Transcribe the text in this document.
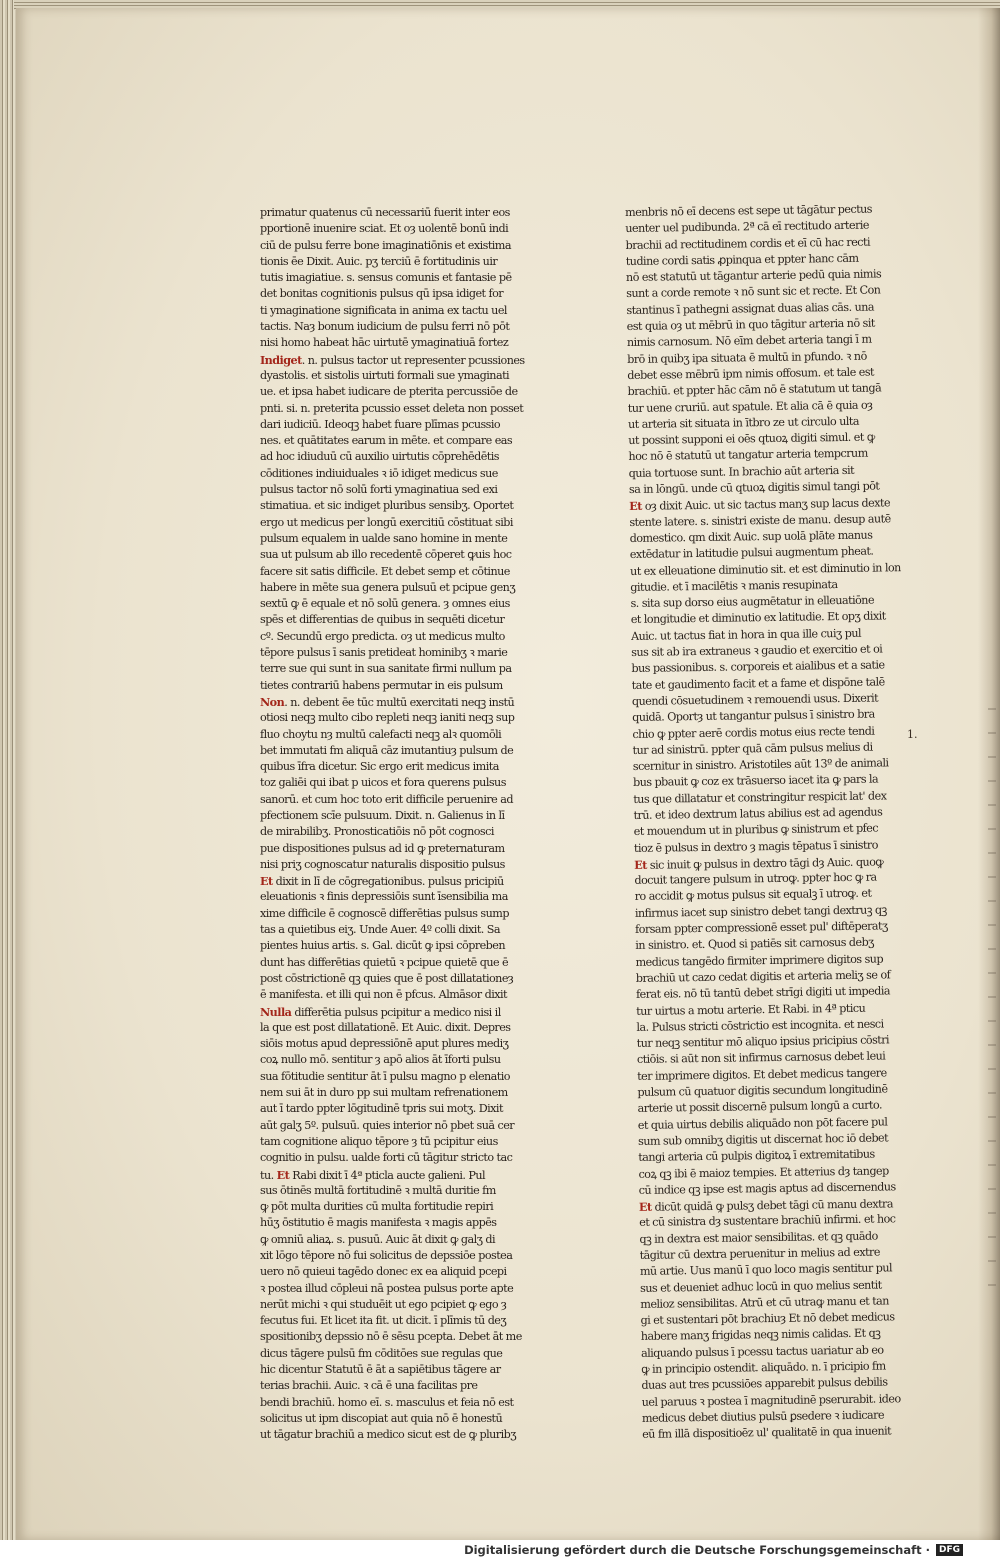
primatur quatenus cū necessariū fuerit inter eos
pportionē inuenire sciat. Et oȝ uolentē bonū indi
ciū de pulsu ferre bone imaginatiōnis et existima
tionis ēe Dixit. Auic. pʒ terciū ē fortitudinis uir
tutis imagiatiue. s. sensus comunis et fantasie pē
det bonitas cognitionis pulsus qū ipsa idiget for
ti ymaginatione significata in anima ex tactu uel
tactis. Naȝ bonum iudicium de pulsu ferri nō pōt
nisi homo habeat hāc uirtutē ymaginatiuā fortez
Indiget. n. pulsus tactor ut representer pcussiones
dyastolis. et sistolis uirtuti formali sue ymaginati
ue. et ipsa habet iudicare de pterita percussiōe de
pnti. si. n. preterita pcussio esset deleta non posset
dari iudiciū. Ideoqꝫ habet fuare plīmas pcussio
nes. et quātitates earum in mēte. et compare eas
ad hoc idiuduū cū auxilio uirtutis cōprehēdētis
cōditiones indiuiduales ꝛ iō idiget medicus sue
pulsus tactor nō solū forti ymaginatiua sed exi
stimatiua. et sic indiget pluribus sensibʒ. Oportet
ergo ut medicus per longū exercitiū cōstituat sibi
pulsum equalem in ualde sano homine in mente
sua ut pulsum ab illo recedentē cōperet ꝙuis hoc
facere sit satis difficile. Et debet semp et cōtinue
habere in mēte sua genera pulsuū et pcipue genʒ
sextū ꝙ ē equale et nō solū genera. ȝ omnes eius
spēs et differentias de quibus in sequēti dicetur
cº. Secundū ergo predicta. oȝ ut medicus multo
tēpore pulsus ī sanis pretideat hominibʒ ꝛ marie
terre sue qui sunt in sua sanitate firmi nullum pa
tietes contrariū habens permutar in eis pulsum
Non. n. debent ēe tūc multū exercitati neqꝫ instū
otiosi neqꝫ multo cibo repleti neqꝫ ianiti neqꝫ sup
fluo choytu nȝ multū calefacti neqꝫ alꝛ quomōli
bet immutati fm aliquā cāz imutantiuȝ pulsum de
quibus īfra dicetur. Sic ergo erit medicus imita
toz galiēi qui ibat p uicos et fora querens pulsus
sanorū. et cum hoc toto erit difficile peruenire ad
pfectionem scīe pulsuum. Dixit. n. Galienus in lī
de mirabilibʒ. Pronosticatiōis nō pōt cognosci
pue dispositiones pulsus ad id ꝙ preternaturam
nisi priʒ cognoscatur naturalis dispositio pulsus
Et dixit in lī de cōgregationibus. pulsus pricipiū
eleuationis ꝛ finis depressiōis sunt īsensibilia ma
xime difficile ē cognoscē differētias pulsus sump
tas a quietibus eiʒ. Unde Auer. 4º colli dixit. Sa
pientes huius artis. s. Gal. dicūt ꝙ ipsi cōpreben
dunt has differētias quietū ꝛ pcipue quietē que ē
post cōstrictionē qꝫ quies que ē post dillatationeȝ
ē manifesta. et illi qui non ē pfcus. Almāsor dixit
Nulla differētia pulsus pcipitur a medico nisi il
la que est post dillatationē. Et Auic. dixit. Depres
siōis motus apud depressiōnē aput plures mediʒ
coꝝ nullo mō. sentitur ȝ apō alios āt īforti pulsu
sua fōtitudie sentitur āt ī pulsu magno p elenatio
nem sui āt in duro pp sui multam refrenationem
aut ī tardo ppter lōgitudinē tpris sui motʒ. Dixit
aūt galʒ 5º. pulsuū. quies interior nō pbet suā cer
tam cognitione aliquo tēpore ȝ tū pcipitur eius
cognitio in pulsu. ualde forti cū tāgitur stricto tac
tu. Et Rabi dixit ī 4ª pticla aucte galieni. Pul
sus ōtinēs multā fortitudinē ꝛ multā duritie fm
ꝙ pōt multa durities cū multa fortitudie repiri
hūʒ ōstitutio ē magis manifesta ꝛ magis appēs
ꝙ omniū aliaꝝ. s. pusuū. Auic āt dixit ꝙ galʒ di
xit lōgo tēpore nō fui solicitus de depssiōe postea
uero nō quieui tagēdo donec ex ea aliquid pcepi
ꝛ postea illud cōpleui nā postea pulsus porte apte
nerūt michi ꝛ qui studuēit ut ego pcipiet ꝙ ego ȝ
fecutus fui. Et licet ita fit. ut dicit. ī plīmis tū deʒ
spositionibʒ depssio nō ē sēsu pcepta. Debet āt me
dicus tāgere pulsū fm cōditōes sue regulas que
hic dicentur Statutū ē āt a sapiētibus tāgere ar
terias brachii. Auic. ꝛ cā ē una facilitas pre
bendi brachiū. homo eī. s. masculus et feia nō est
solicitus ut ipm discopiat aut quia nō ē honestū
ut tāgatur brachiū a medico sicut est de ꝙ pluribʒ
menbris nō eī decens est sepe ut tāgātur pectus
uenter uel pudibunda. 2ª cā eī rectitudo arterie
brachii ad rectitudinem cordis et eī cū hac recti
tudine cordi satis ꝓpinqua et ppter hanc cām
nō est statutū ut tāgantur arterie pedū quia nimis
sunt a corde remote ꝛ nō sunt sic et recte. Et Con
stantinus ī pathegni assignat duas alias cās. una
est quia oȝ ut mēbrū in quo tāgitur arteria nō sit
nimis carnosum. Nō eīm debet arteria tangi ī m
brō in quibʒ ipa situata ē multū in pfundo. ꝛ nō
debet esse mēbrū ipm nimis offosum. et tale est
brachiū. et ppter hāc cām nō ē statutum ut tangā
tur uene cruriū. aut spatule. Et alia cā ē quia oȝ
ut arteria sit situata in ītbro ze ut circulo ulta
ut possint supponi ei oēs qtuoꝝ digiti simul. et ꝙ
hoc nō ē statutū ut tangatur arteria tempcrum
quia tortuose sunt. In brachio aūt arteria sit
sa in lōngū. unde cū qtuoꝝ digitis simul tangi pōt
Et oȝ dixit Auic. ut sic tactus manʒ sup lacus dexte
stente latere. s. sinistri existe de manu. desup autē
domestico. qm dixit Auic. sup uolā plāte manus
extēdatur in latitudie pulsui augmentum pheat.
ut ex elleuatione diminutio sit. et est diminutio in lon
gitudie. et ī macilētis ꝛ manis resupinata
s. sita sup dorso eius augmētatur in elleuatiōne
et longitudie et diminutio ex latitudie. Et opʒ dixit
Auic. ut tactus fiat in hora in qua ille cuiʒ pul
sus sit ab ira extraneus ꝛ gaudio et exercitio et oi
bus passionibus. s. corporeis et aialibus et a satie
tate et gaudimento facit et a fame et dispōne talē
quendi cōsuetudinem ꝛ remouendi usus. Dixerit
quidā. Oportȝ ut tangantur pulsus ī sinistro bra
chio ꝙ ppter aerē cordis motus eius recte tendi
tur ad sinistrū. ppter quā cām pulsus melius di
scernitur in sinistro. Aristotiles aūt 13º de animali
bus pbauit ꝙ coz ex trāsuerso iacet ita ꝙ pars la
tus que dillatatur et constringitur respicit lat' dex
trū. et ideo dextrum latus abilius est ad agendus
et mouendum ut in pluribus ꝙ sinistrum et pfec
tioz ē pulsus in dextro ȝ magis tēpatus ī sinistro
Et sic inuit ꝙ pulsus in dextro tāgi dȝ Auic. quoꝙ
docuit tangere pulsum in utroꝙ. ppter hoc ꝙ ra
ro accidit ꝙ motus pulsus sit equalꝫ ī utroꝙ. et
infirmus iacet sup sinistro debet tangi dextruꝫ qꝫ
forsam ppter compressionē esset pul' diftēperatʒ
in sinistro. et. Quod si patiēs sit carnosus debʒ
medicus tangēdo firmiter imprimere digitos sup
brachiū ut cazo cedat digitis et arteria meliʒ se of
ferat eis. nō tū tantū debet strīgi digiti ut impedia
tur uirtus a motu arterie. Et Rabi. in 4ª pticu
la. Pulsus stricti cōstrictio est incognita. et nesci
tur neqꝫ sentitur mō aliquo ipsius pricipius cōstri
ctiōis. si aūt non sit infirmus carnosus debet leui
ter imprimere digitos. Et debet medicus tangere
pulsum cū quatuor digitis secundum longitudinē
arterie ut possit discernē pulsum longū a curto.
et quia uirtus debilis aliquādo non pōt facere pul
sum sub omnibʒ digitis ut discernat hoc iō debet
tangi arteria cū pulpis digitoꝝ ī extremitatibus
coꝝ qꝫ ibi ē maioz tempies. Et atteтius dȝ tangeр
cū indice qꝫ ipse est magis aptus ad discernendus
Et dicūt quidā ꝙ pulsʒ debet tāgi cū manu dextra
et cū sinistra dȝ sustentare brachiū infirmi. et hoc
qꝫ in dextra est maior sensibilitas. et qꝫ quādo
tāgitur cū dextra peruenitur in melius ad extre
mū artie. Uus manū ī quo loco magis sentitur pul
sus et deueniet adhuc locū in quo melius sentit
melioz sensibilitas. Atrū et cū utraꝙ manu et tan
gi et sustentari pōt brachiuȝ Et nō debet medicus
habere manʒ frigidas neqꝫ nimis calidas. Et qꝫ
aliquando pulsus ī pcessu tactus uariatur ab eo
ꝙ in principio ostendit. aliquādo. n. ī pricipio fm
duas aut tres pcussiōes apparebit pulsus debilis
uel paruus ꝛ postea ī magnitudinē pserurabit. ideo
medicus debet diutius pulsū ꝑsedere ꝛ iudicare
eū fm illā dispositioēz ul' qualitatē in qua inuenit
1.
Digitalisierung gefördert durch die Deutsche Forschungsgemeinschaft ·	DFG
